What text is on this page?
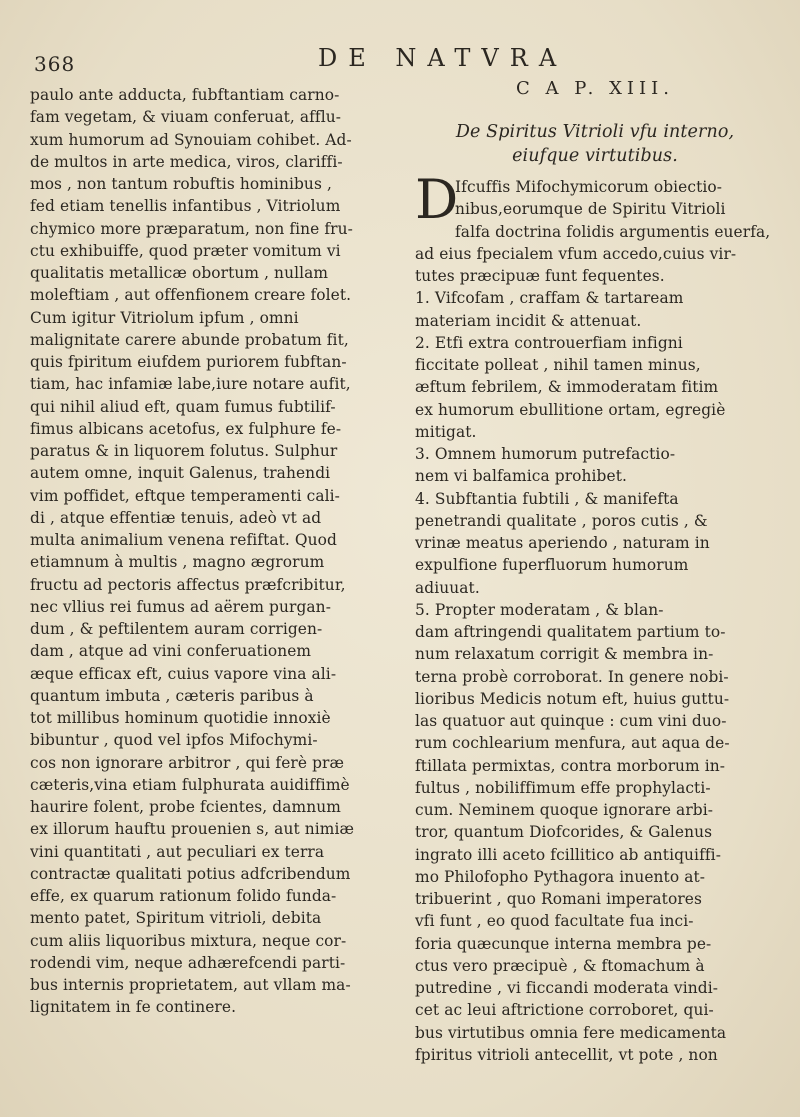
368	DE NATVRA
paulo ante adducta, fubftantiam carno-
fam vegetam, & viuam conferuat, afflu-
xum humorum ad Synouiam cohibet. Ad-
de multos in arte medica, viros, clariffi-
mos , non tantum robuftis hominibus ,
fed etiam tenellis infantibus , Vitriolum
chymico more præparatum, non fine fru-
ctu exhibuiffe, quod præter vomitum vi
qualitatis metallicæ obortum , nullam
moleftiam , aut offenfionem creare folet.
Cum igitur Vitriolum ipfum , omni
malignitate carere abunde probatum fit,
quis fpiritum eiufdem puriorem fubftan-
tiam, hac infamiæ labe,iure notare aufit,
qui nihil aliud eft, quam fumus fubtilif-
fimus albicans acetofus, ex fulphure fe-
paratus & in liquorem folutus. Sulphur
autem omne, inquit Galenus, trahendi
vim poffidet, eftque temperamenti cali-
di , atque effentiæ tenuis, adeò vt ad
multa animalium venena refiftat. Quod
etiamnum à multis , magno ægrorum
fructu ad pectoris affectus præfcribitur,
nec vllius rei fumus ad aërem purgan-
dum , & peftilentem auram corrigen-
dam , atque ad vini conferuationem
æque efficax eft, cuius vapore vina ali-
quantum imbuta , cæteris paribus à
tot millibus hominum quotidie innoxiè
bibuntur , quod vel ipfos Mifochymi-
cos non ignorare arbitror , qui ferè præ
cæteris,vina etiam fulphurata auidiffimè
haurire folent, probe fcientes, damnum
ex illorum hauftu prouenien s, aut nimiæ
vini quantitati , aut peculiari ex terra
contractæ qualitati potius adfcribendum
effe, ex quarum rationum folido funda-
mento patet, Spiritum vitrioli, debita
cum aliis liquoribus mixtura, neque cor-
rodendi vim, neque adhærefcendi parti-
bus internis proprietatem, aut vllam ma-
lignitatem in fe continere.
C A P. XIII.
De Spiritus Vitrioli vfu interno,
eiufque virtutibus.
D
Ifcuffis Mifochymicorum obiectio-
nibus,eorumque de Spiritu Vitrioli
falfa doctrina folidis argumentis euerfa,
ad eius fpecialem vfum accedo,cuius vir-
tutes præcipuæ funt fequentes.
1. Vifcofam , craffam & tartaream
materiam incidit & attenuat.
2. Etfi extra controuerfiam infigni
ficcitate polleat , nihil tamen minus,
æftum febrilem, & immoderatam fitim
ex humorum ebullitione ortam, egregiè
mitigat.
3. Omnem humorum putrefactio-
nem vi balfamica prohibet.
4. Subftantia fubtili , & manifefta
penetrandi qualitate , poros cutis , &
vrinæ meatus aperiendo , naturam in
expulfione fuperfluorum humorum
adiuuat.
5. Propter moderatam , & blan-
dam aftringendi qualitatem partium to-
num relaxatum corrigit & membra in-
terna probè corroborat. In genere nobi-
lioribus Medicis notum eft, huius guttu-
las quatuor aut quinque : cum vini duo-
rum cochlearium menfura, aut aqua de-
ftillata permixtas, contra morborum in-
fultus , nobiliffimum effe prophylacti-
cum. Neminem quoque ignorare arbi-
tror, quantum Diofcorides, & Galenus
ingrato illi aceto fcillitico ab antiquiffi-
mo Philofopho Pythagora inuento at-
tribuerint , quo Romani imperatores
vfi funt , eo quod facultate fua inci-
foria quæcunque interna membra pe-
ctus vero præcipuè , & ftomachum à
putredine , vi ficcandi moderata vindi-
cet ac leui aftrictione corroboret, qui-
bus virtutibus omnia fere medicamenta
fpiritus vitrioli antecellit, vt pote , non
